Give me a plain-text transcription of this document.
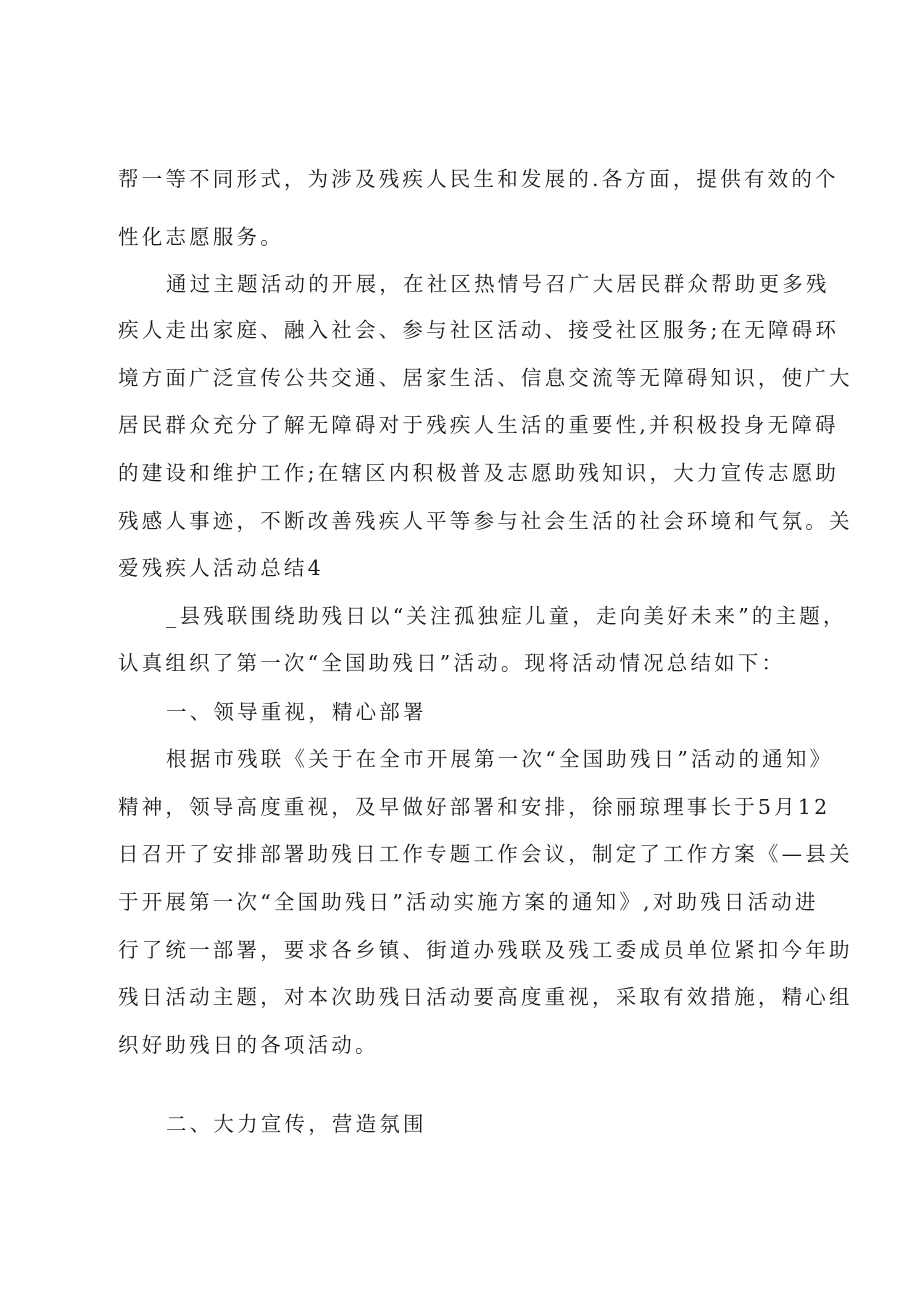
帮一等不同形式，为涉及残疾人民生和发展的.各方面，提供有效的个
性化志愿服务。
通过主题活动的开展，在社区热情号召广大居民群众帮助更多残
疾人走出家庭、融入社会、参与社区活动、接受社区服务;在无障碍环
境方面广泛宣传公共交通、居家生活、信息交流等无障碍知识，使广大
居民群众充分了解无障碍对于残疾人生活的重要性,并积极投身无障碍
的建设和维护工作;在辖区内积极普及志愿助残知识，大力宣传志愿助
残感人事迹，不断改善残疾人平等参与社会生活的社会环境和气氛。关
爱残疾人活动总结4
_县残联围绕助残日以“关注孤独症儿童，走向美好未来”的主题，
认真组织了第一次“全国助残日”活动。现将活动情况总结如下：
一、领导重视，精心部署
根据市残联《关于在全市开展第一次“全国助残日”活动的通知》
精神，领导高度重视，及早做好部署和安排，徐丽琼理事长于5月12
日召开了安排部署助残日工作专题工作会议，制定了工作方案《—县关
于开展第一次“全国助残日”活动实施方案的通知》,对助残日活动进
行了统一部署，要求各乡镇、街道办残联及残工委成员单位紧扣今年助
残日活动主题，对本次助残日活动要高度重视，采取有效措施，精心组
织好助残日的各项活动。
二、大力宣传，营造氛围
